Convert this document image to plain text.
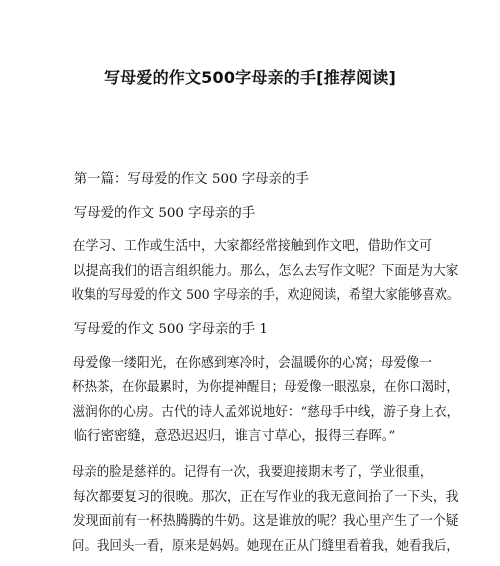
写母爱的作文500字母亲的手[推荐阅读]

第一篇：写母爱的作文 500 字母亲的手

写母爱的作文 500 字母亲的手

在学习、工作或生活中，大家都经常接触到作文吧，借助作文可
以提高我们的语言组织能力。那么，怎么去写作文呢？下面是为大家
收集的写母爱的作文 500 字母亲的手，欢迎阅读，希望大家能够喜欢。

写母爱的作文 500 字母亲的手 1

母爱像一缕阳光，在你感到寒冷时，会温暖你的心窝；母爱像一
杯热茶，在你最累时，为你提神醒目；母爱像一眼泓泉，在你口渴时，
滋润你的心房。古代的诗人孟郊说地好：“慈母手中线，游子身上衣，
临行密密缝，意恐迟迟归，谁言寸草心，报得三春晖。”

母亲的脸是慈祥的。记得有一次，我要迎接期末考了，学业很重，
每次都要复习的很晚。那次，正在写作业的我无意间抬了一下头，我
发现面前有一杯热腾腾的牛奶。这是谁放的呢？我心里产生了一个疑
问。我回头一看，原来是妈妈。她现在正从门缝里看着我，她看我后，
